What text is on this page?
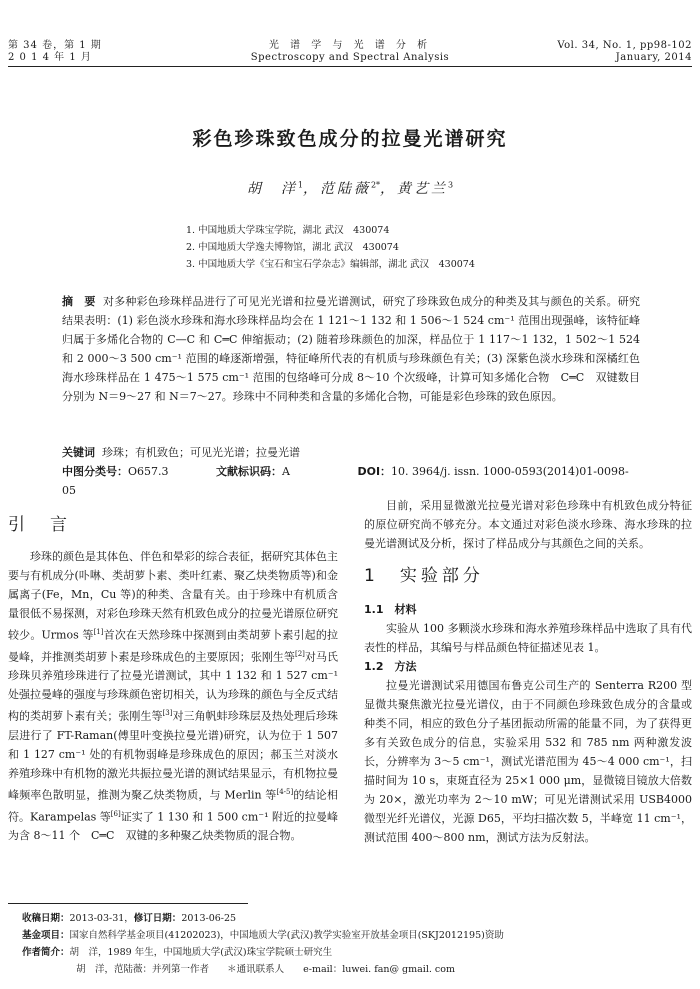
第 34 卷，第 1 期
2 0 1 4 年 1 月
光 谱 学 与 光 谱 分 析
Spectroscopy and Spectral Analysis
Vol. 34, No. 1, pp98-102
January, 2014
彩色珍珠致色成分的拉曼光谱研究
胡　洋$^1$，范陆薇$^{2*}$，黄艺兰$^3$
1. 中国地质大学珠宝学院，湖北 武汉　430074
2. 中国地质大学逸夫博物馆，湖北 武汉　430074
3. 中国地质大学《宝石和宝石学杂志》编辑部，湖北 武汉　430074
摘　要 对多种彩色珍珠样品进行了可见光光谱和拉曼光谱测试，研究了珍珠致色成分的种类及其与颜色的关系。研究结果表明：(1) 彩色淡水珍珠和海水珍珠样品均会在 1 121～1 132 和 1 506～1 524 cm⁻¹ 范围出现强峰，该特征峰归属于多烯化合物的 C—C 和 C═C 伸缩振动；(2) 随着珍珠颜色的加深，样品位于 1 117～1 132，1 502～1 524 和 2 000～3 500 cm⁻¹ 范围的峰逐渐增强，特征峰所代表的有机质与珍珠颜色有关；(3) 深紫色淡水珍珠和深橘红色海水珍珠样品在 1 475～1 575 cm⁻¹ 范围的包络峰可分成 8～10 个次级峰，计算可知多烯化合物　C═C　双键数目分别为 N＝9～27 和 N＝7～27。珍珠中不同种类和含量的多烯化合物，可能是彩色珍珠的致色原因。
关键词 珍珠；有机致色；可见光光谱；拉曼光谱
中图分类号：O657.3	文献标识码：A	DOI：10. 3964/j. issn. 1000-0593(2014)01-0098-05
引　言

珍珠的颜色是其体色、伴色和晕彩的综合表征，据研究其体色主要与有机成分(卟啉、类胡萝卜素、类叶红素、聚乙炔类物质等)和金属离子(Fe，Mn，Cu 等)的种类、含量有关。由于珍珠中有机质含量很低不易探测，对彩色珍珠天然有机致色成分的拉曼光谱原位研究较少。Urmos 等[1]首次在天然珍珠中探测到由类胡萝卜素引起的拉曼峰，并推测类胡萝卜素是珍珠成色的主要原因；张刚生等[2]对马氏珍珠贝养殖珍珠进行了拉曼光谱测试，其中 1 132 和 1 527 cm⁻¹ 处强拉曼峰的强度与珍珠颜色密切相关，认为珍珠的颜色与全反式结构的类胡萝卜素有关；张刚生等[3]对三角帆蚌珍珠层及热处理后珍珠层进行了 FT-Raman(傅里叶变换拉曼光谱)研究，认为位于 1 507 和 1 127 cm⁻¹ 处的有机物弱峰是珍珠成色的原因；郝玉兰对淡水养殖珍珠中有机物的激光共振拉曼光谱的测试结果显示，有机物拉曼峰频率色散明显，推测为聚乙炔类物质，与 Merlin 等[4-5]的结论相符。Karampelas 等[6]证实了 1 130 和 1 500 cm⁻¹ 附近的拉曼峰为含 8～11 个　C═C　双键的多种聚乙炔类物质的混合物。

目前，采用显微激光拉曼光谱对彩色珍珠中有机致色成分特征的原位研究尚不够充分。本文通过对彩色淡水珍珠、海水珍珠的拉曼光谱测试及分析，探讨了样品成分与其颜色之间的关系。

1　实验部分
1.1　材料

实验从 100 多颗淡水珍珠和海水养殖珍珠样品中选取了具有代表性的样品，其编号与样品颜色特征描述见表 1。

1.2　方法

拉曼光谱测试采用德国布鲁克公司生产的 Senterra R200 型显微共聚焦激光拉曼光谱仪，由于不同颜色珍珠致色成分的含量或种类不同，相应的致色分子基团振动所需的能量不同，为了获得更多有关致色成分的信息，实验采用 532 和 785 nm 两种激发波长，分辨率为 3～5 cm⁻¹，测试光谱范围为 45～4 000 cm⁻¹，扫描时间为 10 s，束斑直径为 25×1 000 μm，显微镜目镜放大倍数为 20×，激光功率为 2～10 mW；可见光谱测试采用 USB4000 微型光纤光谱仪，光源 D65，平均扫描次数 5，半峰宽 11 cm⁻¹，测试范围 400～800 nm，测试方法为反射法。

收稿日期：2013-03-31，修订日期：2013-06-25
基金项目：国家自然科学基金项目(41202023)，中国地质大学(武汉)教学实验室开放基金项目(SKJ2012195)资助
作者简介：胡　洋，1989 年生，中国地质大学(武汉)珠宝学院硕士研究生
胡　洋，范陆薇：并列第一作者 ＊通讯联系人　　e-mail：luwei. fan@ gmail. com
